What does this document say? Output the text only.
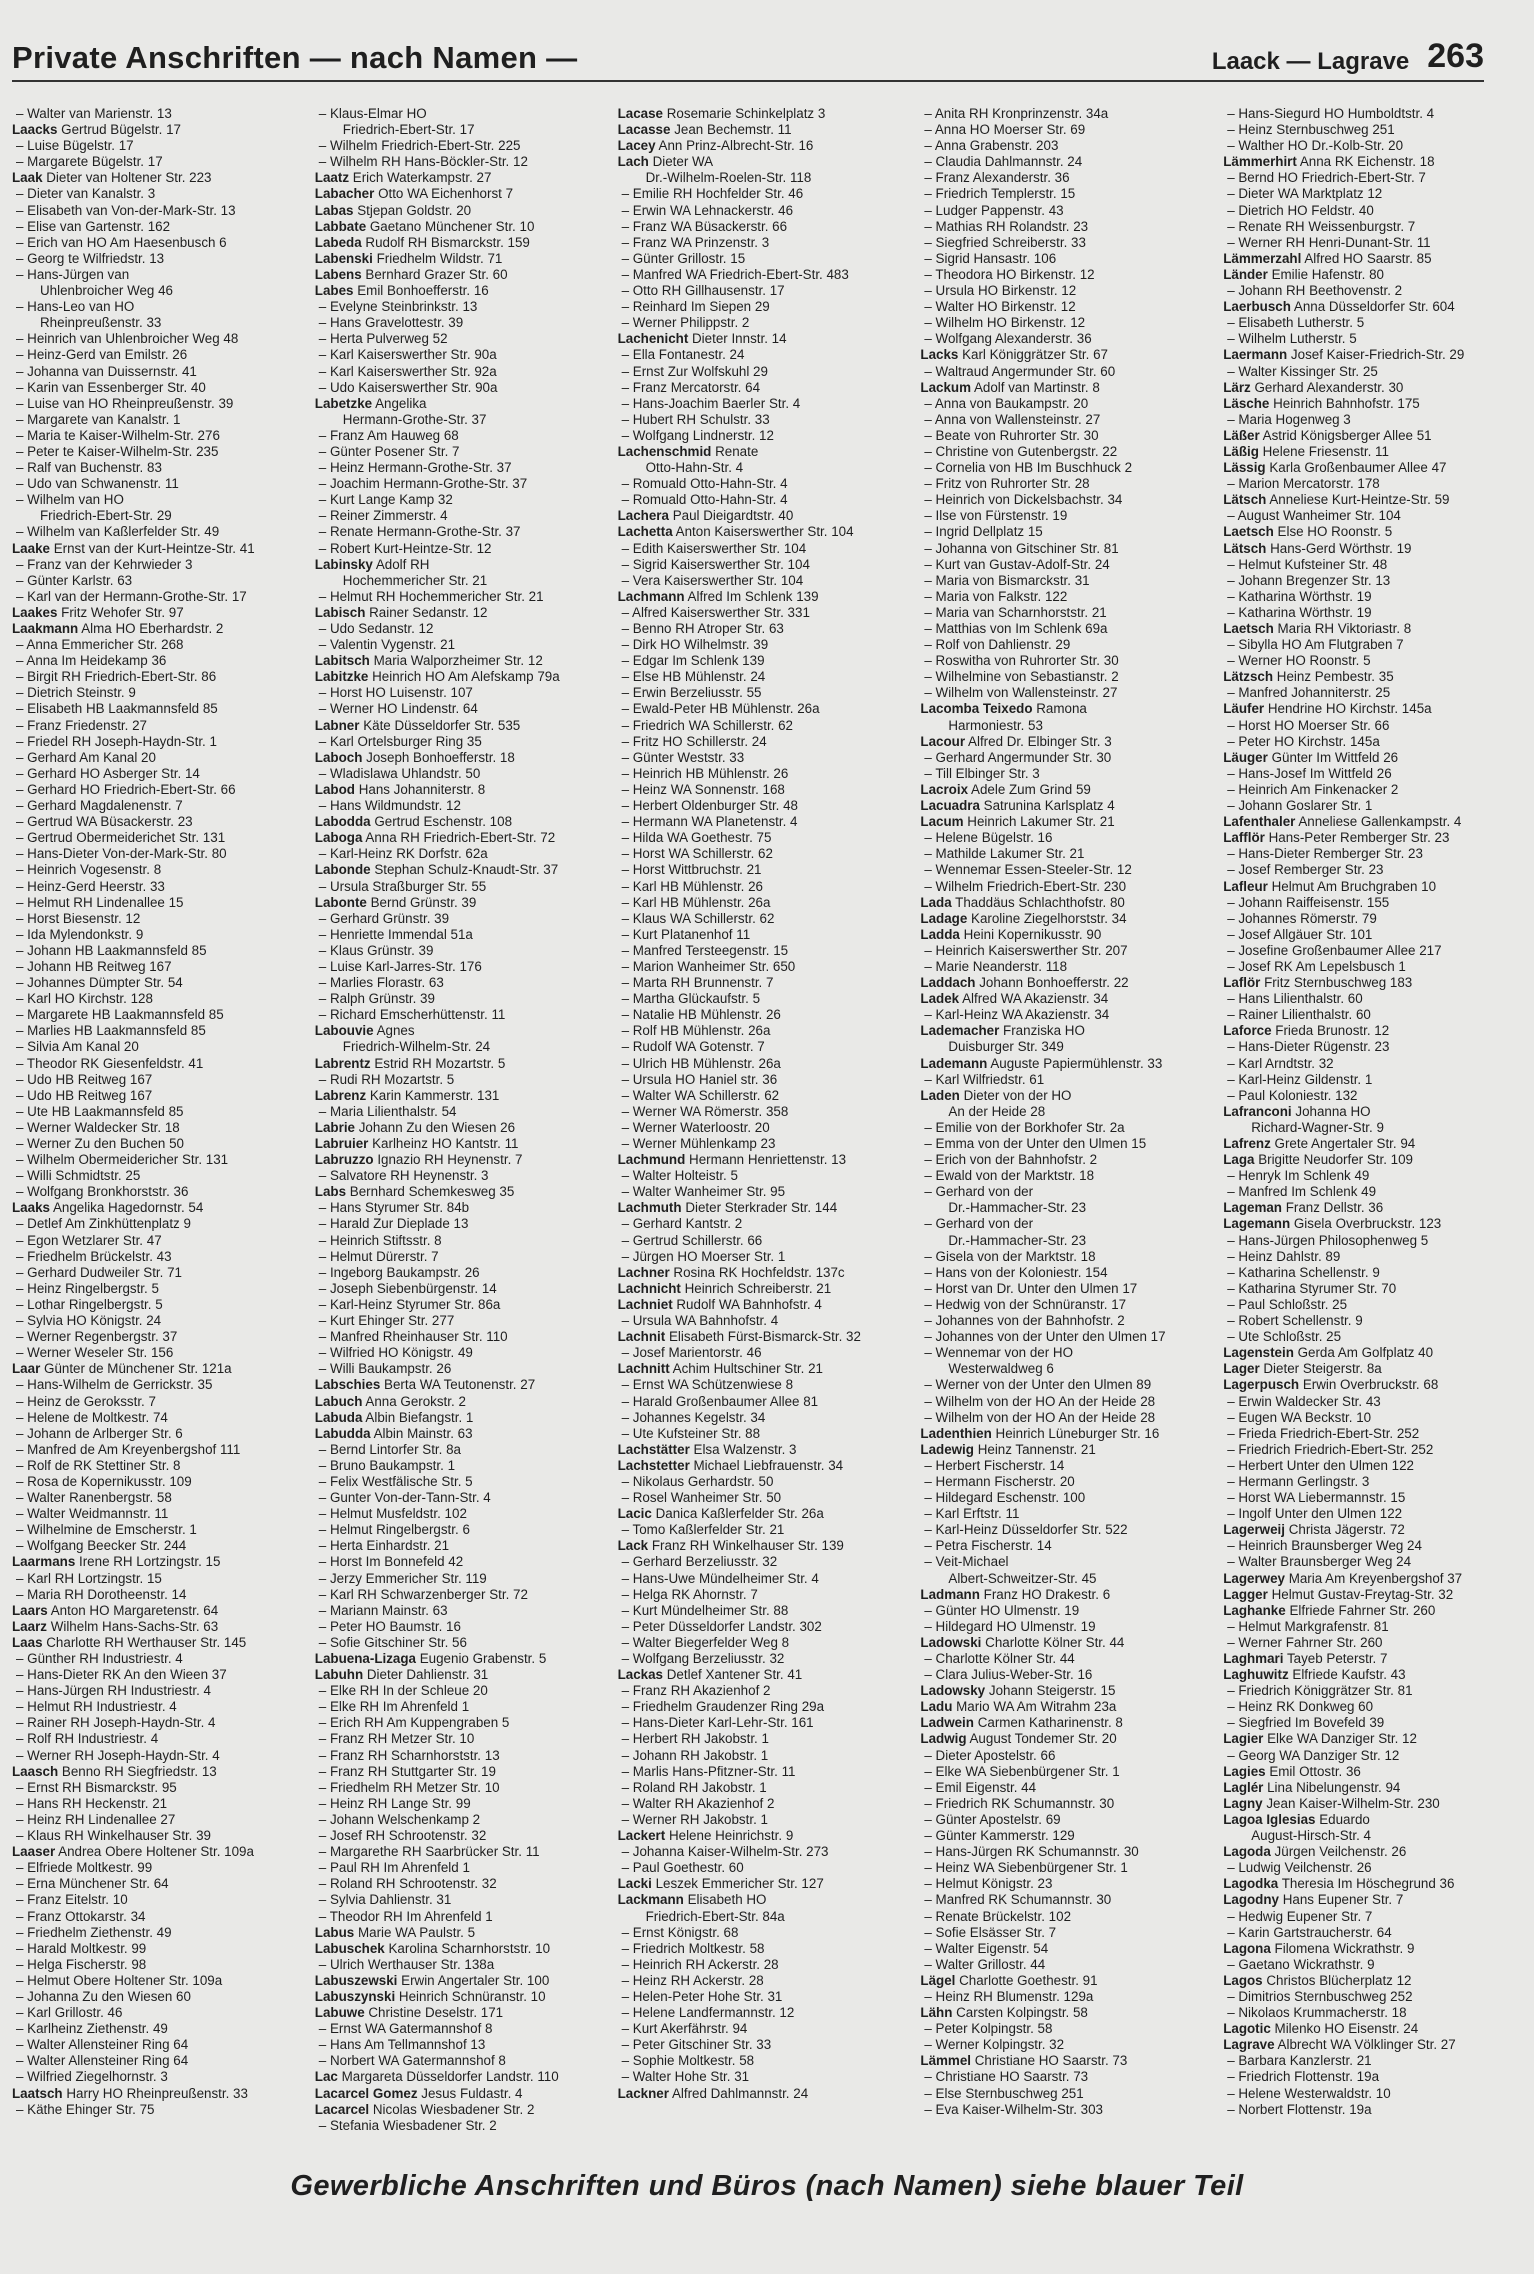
Private Anschriften — nach Namen —	Laack — Lagrave 263
– Walter van Marienstr. 13
Laacks Gertrud Bügelstr. 17
– Luise Bügelstr. 17
– Margarete Bügelstr. 17
Laak Dieter van Holtener Str. 223
– Dieter van Kanalstr. 3
– Elisabeth van Von-der-Mark-Str. 13
– Elise van Gartenstr. 162
– Erich van HO Am Haesenbusch 6
– Georg te Wilfriedstr. 13
– Hans-Jürgen van
Uhlenbroicher Weg 46
– Hans-Leo van HO
Rheinpreußenstr. 33
– Heinrich van Uhlenbroicher Weg 48
– Heinz-Gerd van Emilstr. 26
– Johanna van Duissernstr. 41
– Karin van Essenberger Str. 40
– Luise van HO Rheinpreußenstr. 39
– Margarete van Kanalstr. 1
– Maria te Kaiser-Wilhelm-Str. 276
– Peter te Kaiser-Wilhelm-Str. 235
– Ralf van Buchenstr. 83
– Udo van Schwanenstr. 11
– Wilhelm van HO
Friedrich-Ebert-Str. 29
– Wilhelm van Kaßlerfelder Str. 49
Laake Ernst van der Kurt-Heintze-Str. 41
– Franz van der Kehrwieder 3
– Günter Karlstr. 63
– Karl van der Hermann-Grothe-Str. 17
Laakes Fritz Wehofer Str. 97
Laakmann Alma HO Eberhardstr. 2
– Anna Emmericher Str. 268
– Anna Im Heidekamp 36
– Birgit RH Friedrich-Ebert-Str. 86
– Dietrich Steinstr. 9
– Elisabeth HB Laakmannsfeld 85
– Franz Friedenstr. 27
– Friedel RH Joseph-Haydn-Str. 1
– Gerhard Am Kanal 20
– Gerhard HO Asberger Str. 14
– Gerhard HO Friedrich-Ebert-Str. 66
– Gerhard Magdalenenstr. 7
– Gertrud WA Büsackerstr. 23
– Gertrud Obermeiderichet Str. 131
– Hans-Dieter Von-der-Mark-Str. 80
– Heinrich Vogesenstr. 8
– Heinz-Gerd Heerstr. 33
– Helmut RH Lindenallee 15
– Horst Biesenstr. 12
– Ida Mylendonkstr. 9
– Johann HB Laakmannsfeld 85
– Johann HB Reitweg 167
– Johannes Dümpter Str. 54
– Karl HO Kirchstr. 128
– Margarete HB Laakmannsfeld 85
– Marlies HB Laakmannsfeld 85
– Silvia Am Kanal 20
– Theodor RK Giesenfeldstr. 41
– Udo HB Reitweg 167
– Udo HB Reitweg 167
– Ute HB Laakmannsfeld 85
– Werner Waldecker Str. 18
– Werner Zu den Buchen 50
– Wilhelm Obermeidericher Str. 131
– Willi Schmidtstr. 25
– Wolfgang Bronkhorststr. 36
Laaks Angelika Hagedornstr. 54
– Detlef Am Zinkhüttenplatz 9
– Egon Wetzlarer Str. 47
– Friedhelm Brückelstr. 43
– Gerhard Dudweiler Str. 71
– Heinz Ringelbergstr. 5
– Lothar Ringelbergstr. 5
– Sylvia HO Königstr. 24
– Werner Regenbergstr. 37
– Werner Weseler Str. 156
Laar Günter de Münchener Str. 121a
– Hans-Wilhelm de Gerrickstr. 35
– Heinz de Geroksstr. 7
– Helene de Moltkestr. 74
– Johann de Arlberger Str. 6
– Manfred de Am Kreyenbergshof 111
– Rolf de RK Stettiner Str. 8
– Rosa de Kopernikusstr. 109
– Walter Ranenbergstr. 58
– Walter Weidmannstr. 11
– Wilhelmine de Emscherstr. 1
– Wolfgang Beecker Str. 244
Laarmans Irene RH Lortzingstr. 15
– Karl RH Lortzingstr. 15
– Maria RH Dorotheenstr. 14
Laars Anton HO Margaretenstr. 64
Laarz Wilhelm Hans-Sachs-Str. 63
Laas Charlotte RH Werthauser Str. 145
– Günther RH Industriestr. 4
– Hans-Dieter RK An den Wieen 37
– Hans-Jürgen RH Industriestr. 4
– Helmut RH Industriestr. 4
– Rainer RH Joseph-Haydn-Str. 4
– Rolf RH Industriestr. 4
– Werner RH Joseph-Haydn-Str. 4
Laasch Benno RH Siegfriedstr. 13
– Ernst RH Bismarckstr. 95
– Hans RH Heckenstr. 21
– Heinz RH Lindenallee 27
– Klaus RH Winkelhauser Str. 39
Laaser Andrea Obere Holtener Str. 109a
– Elfriede Moltkestr. 99
– Erna Münchener Str. 64
– Franz Eitelstr. 10
– Franz Ottokarstr. 34
– Friedhelm Ziethenstr. 49
– Harald Moltkestr. 99
– Helga Fischerstr. 98
– Helmut Obere Holtener Str. 109a
– Johanna Zu den Wiesen 60
– Karl Grillostr. 46
– Karlheinz Ziethenstr. 49
– Walter Allensteiner Ring 64
– Walter Allensteiner Ring 64
– Wilfried Ziegelhornstr. 3
Laatsch Harry HO Rheinpreußenstr. 33
– Käthe Ehinger Str. 75
– Klaus-Elmar HO
Friedrich-Ebert-Str. 17
– Wilhelm Friedrich-Ebert-Str. 225
– Wilhelm RH Hans-Böckler-Str. 12
Laatz Erich Waterkampstr. 27
Labacher Otto WA Eichenhorst 7
Labas Stjepan Goldstr. 20
Labbate Gaetano Münchener Str. 10
Labeda Rudolf RH Bismarckstr. 159
Labenski Friedhelm Wildstr. 71
Labens Bernhard Grazer Str. 60
Labes Emil Bonhoefferstr. 16
– Evelyne Steinbrinkstr. 13
– Hans Gravelottestr. 39
– Herta Pulverweg 52
– Karl Kaiserswerther Str. 90a
– Karl Kaiserswerther Str. 92a
– Udo Kaiserswerther Str. 90a
Labetzke Angelika
Hermann-Grothe-Str. 37
– Franz Am Hauweg 68
– Günter Posener Str. 7
– Heinz Hermann-Grothe-Str. 37
– Joachim Hermann-Grothe-Str. 37
– Kurt Lange Kamp 32
– Reiner Zimmerstr. 4
– Renate Hermann-Grothe-Str. 37
– Robert Kurt-Heintze-Str. 12
Labinsky Adolf RH
Hochemmericher Str. 21
– Helmut RH Hochemmericher Str. 21
Labisch Rainer Sedanstr. 12
– Udo Sedanstr. 12
– Valentin Vygenstr. 21
Labitsch Maria Walporzheimer Str. 12
Labitzke Heinrich HO Am Alefskamp 79a
– Horst HO Luisenstr. 107
– Werner HO Lindenstr. 64
Labner Käte Düsseldorfer Str. 535
– Karl Ortelsburger Ring 35
Laboch Joseph Bonhoefferstr. 18
– Wladislawa Uhlandstr. 50
Labod Hans Johanniterstr. 8
– Hans Wildmundstr. 12
Labodda Gertrud Eschenstr. 108
Laboga Anna RH Friedrich-Ebert-Str. 72
– Karl-Heinz RK Dorfstr. 62a
Labonde Stephan Schulz-Knaudt-Str. 37
– Ursula Straßburger Str. 55
Labonte Bernd Grünstr. 39
– Gerhard Grünstr. 39
– Henriette Immendal 51a
– Klaus Grünstr. 39
– Luise Karl-Jarres-Str. 176
– Marlies Florastr. 63
– Ralph Grünstr. 39
– Richard Emscherhüttenstr. 11
Labouvie Agnes
Friedrich-Wilhelm-Str. 24
Labrentz Estrid RH Mozartstr. 5
– Rudi RH Mozartstr. 5
Labrenz Karin Kammerstr. 131
– Maria Lilienthalstr. 54
Labrie Johann Zu den Wiesen 26
Labruier Karlheinz HO Kantstr. 11
Labruzzo Ignazio RH Heynenstr. 7
– Salvatore RH Heynenstr. 3
Labs Bernhard Schemkesweg 35
– Hans Styrumer Str. 84b
– Harald Zur Dieplade 13
– Heinrich Stiftsstr. 8
– Helmut Dürerstr. 7
– Ingeborg Baukampstr. 26
– Joseph Siebenbürgenstr. 14
– Karl-Heinz Styrumer Str. 86a
– Kurt Ehinger Str. 277
– Manfred Rheinhauser Str. 110
– Wilfried HO Königstr. 49
– Willi Baukampstr. 26
Labschies Berta WA Teutonenstr. 27
Labuch Anna Gerokstr. 2
Labuda Albin Biefangstr. 1
Labudda Albin Mainstr. 63
– Bernd Lintorfer Str. 8a
– Bruno Baukampstr. 1
– Felix Westfälische Str. 5
– Gunter Von-der-Tann-Str. 4
– Helmut Musfeldstr. 102
– Helmut Ringelbergstr. 6
– Herta Einhardstr. 21
– Horst Im Bonnefeld 42
– Jerzy Emmericher Str. 119
– Karl RH Schwarzenberger Str. 72
– Mariann Mainstr. 63
– Peter HO Baumstr. 16
– Sofie Gitschiner Str. 56
Labuena-Lizaga Eugenio Grabenstr. 5
Labuhn Dieter Dahlienstr. 31
– Elke RH In der Schleue 20
– Elke RH Im Ahrenfeld 1
– Erich RH Am Kuppengraben 5
– Franz RH Metzer Str. 10
– Franz RH Scharnhorststr. 13
– Franz RH Stuttgarter Str. 19
– Friedhelm RH Metzer Str. 10
– Heinz RH Lange Str. 99
– Johann Welschenkamp 2
– Josef RH Schrootenstr. 32
– Margarethe RH Saarbrücker Str. 11
– Paul RH Im Ahrenfeld 1
– Roland RH Schrootenstr. 32
– Sylvia Dahlienstr. 31
– Theodor RH Im Ahrenfeld 1
Labus Marie WA Paulstr. 5
Labuschek Karolina Scharnhorststr. 10
– Ulrich Werthauser Str. 138a
Labuszewski Erwin Angertaler Str. 100
Labuszynski Heinrich Schnüranstr. 10
Labuwe Christine Deselstr. 171
– Ernst WA Gatermannshof 8
– Hans Am Tellmannshof 13
– Norbert WA Gatermannshof 8
Lac Margareta Düsseldorfer Landstr. 110
Lacarcel Gomez Jesus Fuldastr. 4
Lacarcel Nicolas Wiesbadener Str. 2
– Stefania Wiesbadener Str. 2
Lacase Rosemarie Schinkelplatz 3
Lacasse Jean Bechemstr. 11
Lacey Ann Prinz-Albrecht-Str. 16
Lach Dieter WA
Dr.-Wilhelm-Roelen-Str. 118
– Emilie RH Hochfelder Str. 46
– Erwin WA Lehnackerstr. 46
– Franz WA Büsackerstr. 66
– Franz WA Prinzenstr. 3
– Günter Grillostr. 15
– Manfred WA Friedrich-Ebert-Str. 483
– Otto RH Gillhausenstr. 17
– Reinhard Im Siepen 29
– Werner Philippstr. 2
Lachenicht Dieter Innstr. 14
– Ella Fontanestr. 24
– Ernst Zur Wolfskuhl 29
– Franz Mercatorstr. 64
– Hans-Joachim Baerler Str. 4
– Hubert RH Schulstr. 33
– Wolfgang Lindnerstr. 12
Lachenschmid Renate
Otto-Hahn-Str. 4
– Romuald Otto-Hahn-Str. 4
– Romuald Otto-Hahn-Str. 4
Lachera Paul Dieigardtstr. 40
Lachetta Anton Kaiserswerther Str. 104
– Edith Kaiserswerther Str. 104
– Sigrid Kaiserswerther Str. 104
– Vera Kaiserswerther Str. 104
Lachmann Alfred Im Schlenk 139
– Alfred Kaiserswerther Str. 331
– Benno RH Atroper Str. 63
– Dirk HO Wilhelmstr. 39
– Edgar Im Schlenk 139
– Else HB Mühlenstr. 24
– Erwin Berzeliusstr. 55
– Ewald-Peter HB Mühlenstr. 26a
– Friedrich WA Schillerstr. 62
– Fritz HO Schillerstr. 24
– Günter Weststr. 33
– Heinrich HB Mühlenstr. 26
– Heinz WA Sonnenstr. 168
– Herbert Oldenburger Str. 48
– Hermann WA Planetenstr. 4
– Hilda WA Goethestr. 75
– Horst WA Schillerstr. 62
– Horst Wittbruchstr. 21
– Karl HB Mühlenstr. 26
– Karl HB Mühlenstr. 26a
– Klaus WA Schillerstr. 62
– Kurt Platanenhof 11
– Manfred Tersteegenstr. 15
– Marion Wanheimer Str. 650
– Marta RH Brunnenstr. 7
– Martha Glückaufstr. 5
– Natalie HB Mühlenstr. 26
– Rolf HB Mühlenstr. 26a
– Rudolf WA Gotenstr. 7
– Ulrich HB Mühlenstr. 26a
– Ursula HO Haniel str. 36
– Walter WA Schillerstr. 62
– Werner WA Römerstr. 358
– Werner Waterloostr. 20
– Werner Mühlenkamp 23
Lachmund Hermann Henriettenstr. 13
– Walter Holteistr. 5
– Walter Wanheimer Str. 95
Lachmuth Dieter Sterkrader Str. 144
– Gerhard Kantstr. 2
– Gertrud Schillerstr. 66
– Jürgen HO Moerser Str. 1
Lachner Rosina RK Hochfeldstr. 137c
Lachnicht Heinrich Schreiberstr. 21
Lachniet Rudolf WA Bahnhofstr. 4
– Ursula WA Bahnhofstr. 4
Lachnit Elisabeth Fürst-Bismarck-Str. 32
– Josef Marientorstr. 46
Lachnitt Achim Hultschiner Str. 21
– Ernst WA Schützenwiese 8
– Harald Großenbaumer Allee 81
– Johannes Kegelstr. 34
– Ute Kufsteiner Str. 88
Lachstätter Elsa Walzenstr. 3
Lachstetter Michael Liebfrauenstr. 34
– Nikolaus Gerhardstr. 50
– Rosel Wanheimer Str. 50
Lacic Danica Kaßlerfelder Str. 26a
– Tomo Kaßlerfelder Str. 21
Lack Franz RH Winkelhauser Str. 139
– Gerhard Berzeliusstr. 32
– Hans-Uwe Mündelheimer Str. 4
– Helga RK Ahornstr. 7
– Kurt Mündelheimer Str. 88
– Peter Düsseldorfer Landstr. 302
– Walter Biegerfelder Weg 8
– Wolfgang Berzeliusstr. 32
Lackas Detlef Xantener Str. 41
– Franz RH Akazienhof 2
– Friedhelm Graudenzer Ring 29a
– Hans-Dieter Karl-Lehr-Str. 161
– Herbert RH Jakobstr. 1
– Johann RH Jakobstr. 1
– Marlis Hans-Pfitzner-Str. 11
– Roland RH Jakobstr. 1
– Walter RH Akazienhof 2
– Werner RH Jakobstr. 1
Lackert Helene Heinrichstr. 9
– Johanna Kaiser-Wilhelm-Str. 273
– Paul Goethestr. 60
Lacki Leszek Emmericher Str. 127
Lackmann Elisabeth HO
Friedrich-Ebert-Str. 84a
– Ernst Königstr. 68
– Friedrich Moltkestr. 58
– Heinrich RH Ackerstr. 28
– Heinz RH Ackerstr. 28
– Helen-Peter Hohe Str. 31
– Helene Landfermannstr. 12
– Kurt Akerfährstr. 94
– Peter Gitschiner Str. 33
– Sophie Moltkestr. 58
– Walter Hohe Str. 31
Lackner Alfred Dahlmannstr. 24
– Anita RH Kronprinzenstr. 34a
– Anna HO Moerser Str. 69
– Anna Grabenstr. 203
– Claudia Dahlmannstr. 24
– Franz Alexanderstr. 36
– Friedrich Templerstr. 15
– Ludger Pappenstr. 43
– Mathias RH Rolandstr. 23
– Siegfried Schreiberstr. 33
– Sigrid Hansastr. 106
– Theodora HO Birkenstr. 12
– Ursula HO Birkenstr. 12
– Walter HO Birkenstr. 12
– Wilhelm HO Birkenstr. 12
– Wolfgang Alexanderstr. 36
Lacks Karl Königgrätzer Str. 67
– Waltraud Angermunder Str. 60
Lackum Adolf van Martinstr. 8
– Anna von Baukampstr. 20
– Anna von Wallensteinstr. 27
– Beate von Ruhrorter Str. 30
– Christine von Gutenbergstr. 22
– Cornelia von HB Im Buschhuck 2
– Fritz von Ruhrorter Str. 28
– Heinrich von Dickelsbachstr. 34
– Ilse von Fürstenstr. 19
– Ingrid Dellplatz 15
– Johanna von Gitschiner Str. 81
– Kurt van Gustav-Adolf-Str. 24
– Maria von Bismarckstr. 31
– Maria von Falkstr. 122
– Maria van Scharnhorststr. 21
– Matthias von Im Schlenk 69a
– Rolf von Dahlienstr. 29
– Roswitha von Ruhrorter Str. 30
– Wilhelmine von Sebastianstr. 2
– Wilhelm von Wallensteinstr. 27
Lacomba Teixedo Ramona
Harmoniestr. 53
Lacour Alfred Dr. Elbinger Str. 3
– Gerhard Angermunder Str. 30
– Till Elbinger Str. 3
Lacroix Adele Zum Grind 59
Lacuadra Satrunina Karlsplatz 4
Lacum Heinrich Lakumer Str. 21
– Helene Bügelstr. 16
– Mathilde Lakumer Str. 21
– Wennemar Essen-Steeler-Str. 12
– Wilhelm Friedrich-Ebert-Str. 230
Lada Thaddäus Schlachthofstr. 80
Ladage Karoline Ziegelhorststr. 34
Ladda Heini Kopernikusstr. 90
– Heinrich Kaiserswerther Str. 207
– Marie Neanderstr. 118
Laddach Johann Bonhoefferstr. 22
Ladek Alfred WA Akazienstr. 34
– Karl-Heinz WA Akazienstr. 34
Lademacher Franziska HO
Duisburger Str. 349
Lademann Auguste Papiermühlenstr. 33
– Karl Wilfriedstr. 61
Laden Dieter von der HO
An der Heide 28
– Emilie von der Borkhofer Str. 2a
– Emma von der Unter den Ulmen 15
– Erich von der Bahnhofstr. 2
– Ewald von der Marktstr. 18
– Gerhard von der
Dr.-Hammacher-Str. 23
– Gerhard von der
Dr.-Hammacher-Str. 23
– Gisela von der Marktstr. 18
– Hans von der Koloniestr. 154
– Horst van Dr. Unter den Ulmen 17
– Hedwig von der Schnüranstr. 17
– Johannes von der Bahnhofstr. 2
– Johannes von der Unter den Ulmen 17
– Wennemar von der HO
Westerwaldweg 6
– Werner von der Unter den Ulmen 89
– Wilhelm von der HO An der Heide 28
– Wilhelm von der HO An der Heide 28
Ladenthien Heinrich Lüneburger Str. 16
Ladewig Heinz Tannenstr. 21
– Herbert Fischerstr. 14
– Hermann Fischerstr. 20
– Hildegard Eschenstr. 100
– Karl Erftstr. 11
– Karl-Heinz Düsseldorfer Str. 522
– Petra Fischerstr. 14
– Veit-Michael
Albert-Schweitzer-Str. 45
Ladmann Franz HO Drakestr. 6
– Günter HO Ulmenstr. 19
– Hildegard HO Ulmenstr. 19
Ladowski Charlotte Kölner Str. 44
– Charlotte Kölner Str. 44
– Clara Julius-Weber-Str. 16
Ladowsky Johann Steigerstr. 15
Ladu Mario WA Am Witrahm 23a
Ladwein Carmen Katharinenstr. 8
Ladwig August Tondemer Str. 20
– Dieter Apostelstr. 66
– Elke WA Siebenbürgener Str. 1
– Emil Eigenstr. 44
– Friedrich RK Schumannstr. 30
– Günter Apostelstr. 69
– Günter Kammerstr. 129
– Hans-Jürgen RK Schumannstr. 30
– Heinz WA Siebenbürgener Str. 1
– Helmut Königstr. 23
– Manfred RK Schumannstr. 30
– Renate Brückelstr. 102
– Sofie Elsässer Str. 7
– Walter Eigenstr. 54
– Walter Grillostr. 44
Lägel Charlotte Goethestr. 91
– Heinz RH Blumenstr. 129a
Lähn Carsten Kolpingstr. 58
– Peter Kolpingstr. 58
– Werner Kolpingstr. 32
Lämmel Christiane HO Saarstr. 73
– Christiane HO Saarstr. 73
– Else Sternbuschweg 251
– Eva Kaiser-Wilhelm-Str. 303
– Hans-Siegurd HO Humboldtstr. 4
– Heinz Sternbuschweg 251
– Walther HO Dr.-Kolb-Str. 20
Lämmerhirt Anna RK Eichenstr. 18
– Bernd HO Friedrich-Ebert-Str. 7
– Dieter WA Marktplatz 12
– Dietrich HO Feldstr. 40
– Renate RH Weissenburgstr. 7
– Werner RH Henri-Dunant-Str. 11
Lämmerzahl Alfred HO Saarstr. 85
Länder Emilie Hafenstr. 80
– Johann RH Beethovenstr. 2
Laerbusch Anna Düsseldorfer Str. 604
– Elisabeth Lutherstr. 5
– Wilhelm Lutherstr. 5
Laermann Josef Kaiser-Friedrich-Str. 29
– Walter Kissinger Str. 25
Lärz Gerhard Alexanderstr. 30
Läsche Heinrich Bahnhofstr. 175
– Maria Hogenweg 3
Läßer Astrid Königsberger Allee 51
Läßig Helene Friesenstr. 11
Lässig Karla Großenbaumer Allee 47
– Marion Mercatorstr. 178
Lätsch Anneliese Kurt-Heintze-Str. 59
– August Wanheimer Str. 104
Laetsch Else HO Roonstr. 5
Lätsch Hans-Gerd Wörthstr. 19
– Helmut Kufsteiner Str. 48
– Johann Bregenzer Str. 13
– Katharina Wörthstr. 19
– Katharina Wörthstr. 19
Laetsch Maria RH Viktoriastr. 8
– Sibylla HO Am Flutgraben 7
– Werner HO Roonstr. 5
Lätzsch Heinz Pembestr. 35
– Manfred Johanniterstr. 25
Läufer Hendrine HO Kirchstr. 145a
– Horst HO Moerser Str. 66
– Peter HO Kirchstr. 145a
Läuger Günter Im Wittfeld 26
– Hans-Josef Im Wittfeld 26
– Heinrich Am Finkenacker 2
– Johann Goslarer Str. 1
Lafenthaler Anneliese Gallenkampstr. 4
Lafflör Hans-Peter Remberger Str. 23
– Hans-Dieter Remberger Str. 23
– Josef Remberger Str. 23
Lafleur Helmut Am Bruchgraben 10
– Johann Raiffeisenstr. 155
– Johannes Römerstr. 79
– Josef Allgäuer Str. 101
– Josefine Großenbaumer Allee 217
– Josef RK Am Lepelsbusch 1
Laflör Fritz Sternbuschweg 183
– Hans Lilienthalstr. 60
– Rainer Lilienthalstr. 60
Laforce Frieda Brunostr. 12
– Hans-Dieter Rügenstr. 23
– Karl Arndtstr. 32
– Karl-Heinz Gildenstr. 1
– Paul Koloniestr. 132
Lafranconi Johanna HO
Richard-Wagner-Str. 9
Lafrenz Grete Angertaler Str. 94
Laga Brigitte Neudorfer Str. 109
– Henryk Im Schlenk 49
– Manfred Im Schlenk 49
Lageman Franz Dellstr. 36
Lagemann Gisela Overbruckstr. 123
– Hans-Jürgen Philosophenweg 5
– Heinz Dahlstr. 89
– Katharina Schellenstr. 9
– Katharina Styrumer Str. 70
– Paul Schloßstr. 25
– Robert Schellenstr. 9
– Ute Schloßstr. 25
Lagenstein Gerda Am Golfplatz 40
Lager Dieter Steigerstr. 8a
Lagerpusch Erwin Overbruckstr. 68
– Erwin Waldecker Str. 43
– Eugen WA Beckstr. 10
– Frieda Friedrich-Ebert-Str. 252
– Friedrich Friedrich-Ebert-Str. 252
– Herbert Unter den Ulmen 122
– Hermann Gerlingstr. 3
– Horst WA Liebermannstr. 15
– Ingolf Unter den Ulmen 122
Lagerweij Christa Jägerstr. 72
– Heinrich Braunsberger Weg 24
– Walter Braunsberger Weg 24
Lagerwey Maria Am Kreyenbergshof 37
Lagger Helmut Gustav-Freytag-Str. 32
Laghanke Elfriede Fahrner Str. 260
– Helmut Markgrafenstr. 81
– Werner Fahrner Str. 260
Laghmari Tayeb Peterstr. 7
Laghuwitz Elfriede Kaufstr. 43
– Friedrich Königgrätzer Str. 81
– Heinz RK Donkweg 60
– Siegfried Im Bovefeld 39
Lagier Elke WA Danziger Str. 12
– Georg WA Danziger Str. 12
Lagies Emil Ottostr. 36
Laglér Lina Nibelungenstr. 94
Lagny Jean Kaiser-Wilhelm-Str. 230
Lagoa Iglesias Eduardo
August-Hirsch-Str. 4
Lagoda Jürgen Veilchenstr. 26
– Ludwig Veilchenstr. 26
Lagodka Theresia Im Höschegrund 36
Lagodny Hans Eupener Str. 7
– Hedwig Eupener Str. 7
– Karin Gartstraucherstr. 64
Lagona Filomena Wickrathstr. 9
– Gaetano Wickrathstr. 9
Lagos Christos Blücherplatz 12
– Dimitrios Sternbuschweg 252
– Nikolaos Krummacherstr. 18
Lagotic Milenko HO Eisenstr. 24
Lagrave Albrecht WA Völklinger Str. 27
– Barbara Kanzlerstr. 21
– Friedrich Flottenstr. 19a
– Helene Westerwaldstr. 10
– Norbert Flottenstr. 19a
Gewerbliche Anschriften und Büros (nach Namen) siehe blauer Teil
